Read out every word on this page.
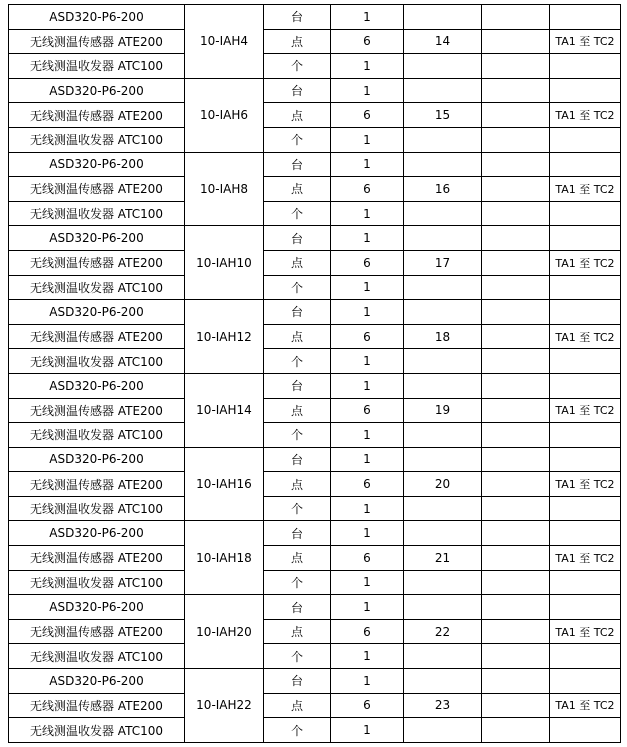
ASD320-P6-200	10-IAH4	台	1			
无线测温传感器 ATE200		点	6	14		TA1 至 TC2
无线测温收发器 ATC100		个	1			
ASD320-P6-200	10-IAH6	台	1			
无线测温传感器 ATE200		点	6	15		TA1 至 TC2
无线测温收发器 ATC100		个	1			
ASD320-P6-200	10-IAH8	台	1			
无线测温传感器 ATE200		点	6	16		TA1 至 TC2
无线测温收发器 ATC100		个	1			
ASD320-P6-200	10-IAH10	台	1			
无线测温传感器 ATE200		点	6	17		TA1 至 TC2
无线测温收发器 ATC100		个	1			
ASD320-P6-200	10-IAH12	台	1			
无线测温传感器 ATE200		点	6	18		TA1 至 TC2
无线测温收发器 ATC100		个	1			
ASD320-P6-200	10-IAH14	台	1			
无线测温传感器 ATE200		点	6	19		TA1 至 TC2
无线测温收发器 ATC100		个	1			
ASD320-P6-200	10-IAH16	台	1			
无线测温传感器 ATE200		点	6	20		TA1 至 TC2
无线测温收发器 ATC100		个	1			
ASD320-P6-200	10-IAH18	台	1			
无线测温传感器 ATE200		点	6	21		TA1 至 TC2
无线测温收发器 ATC100		个	1			
ASD320-P6-200	10-IAH20	台	1			
无线测温传感器 ATE200		点	6	22		TA1 至 TC2
无线测温收发器 ATC100		个	1			
ASD320-P6-200	10-IAH22	台	1			
无线测温传感器 ATE200		点	6	23		TA1 至 TC2
无线测温收发器 ATC100		个	1			
